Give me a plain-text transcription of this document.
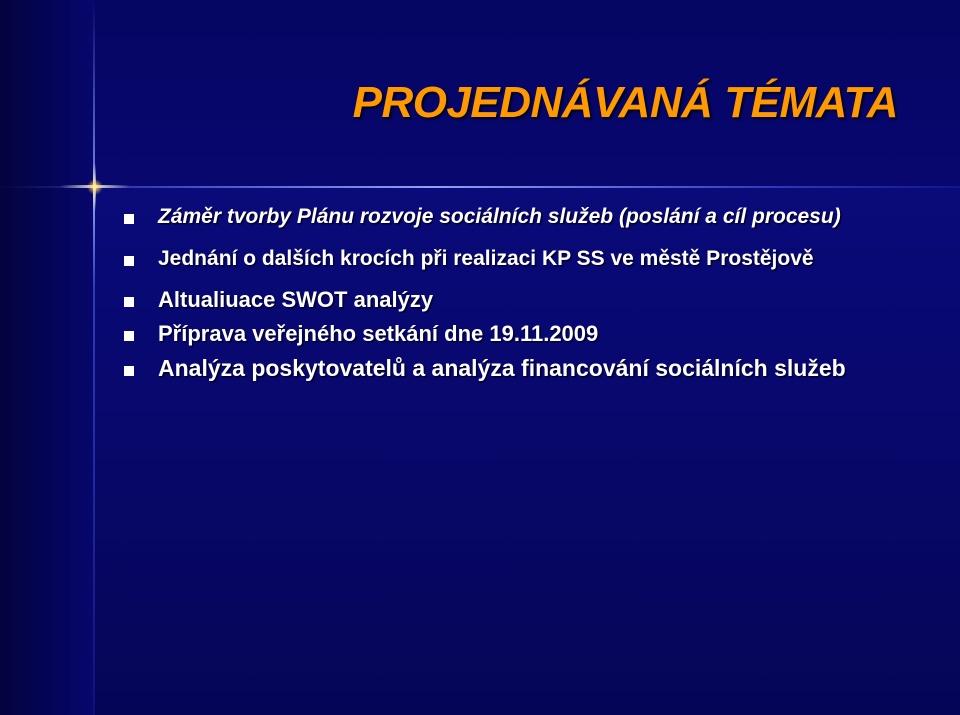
PROJEDNÁVANÁ TÉMATA
Záměr tvorby Plánu rozvoje sociálních služeb (poslání a cíl procesu)
Jednání o dalších krocích při realizaci KP SS ve městě Prostějově
Altualiuace SWOT analýzy
Příprava veřejného setkání dne 19.11.2009
Analýza poskytovatelů a analýza financování sociálních služeb
